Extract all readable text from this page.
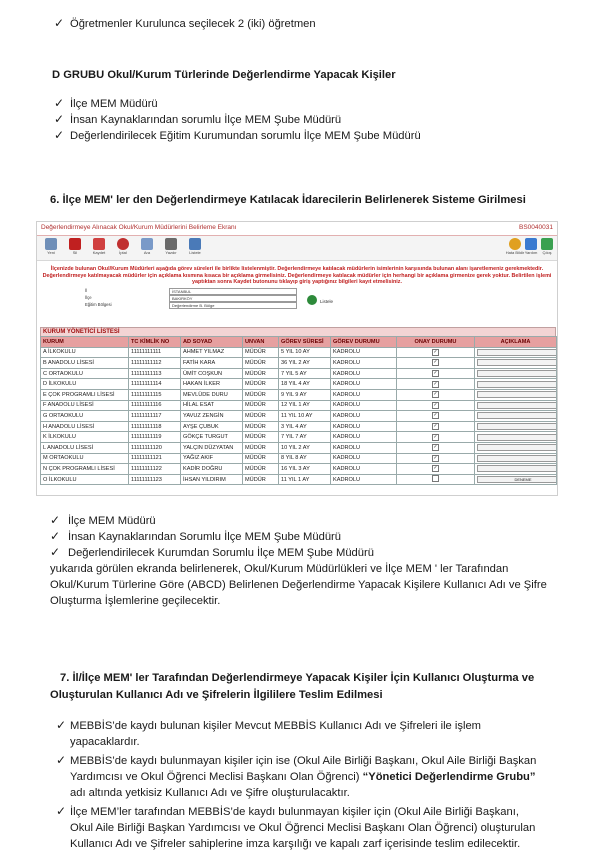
✓ Öğretmenler Kurulunca seçilecek 2 (iki) öğretmen
D GRUBU Okul/Kurum Türlerinde Değerlendirme Yapacak Kişiler
✓ İlçe MEM Müdürü
✓ İnsan Kaynaklarından sorumlu İlçe MEM Şube Müdürü
✓ Değerlendirilecek Eğitim Kurumundan sorumlu İlçe MEM Şube Müdürü
6. İlçe MEM' ler den Değerlendirmeye Katılacak İdarecilerin Belirlenerek Sisteme Girilmesi
Değerlendirmeye Alınacak Okul/Kurum Müdürlerini Belirleme Ekranı	BS0040031
Yeni	Sil	Kaydet	İptal	Ara	Yazdır	Listele	Hata Bildir Yardım	Çıkış
İlçenizde bulunan Okul/Kurum Müdürleri aşağıda görev süreleri ile birlikte listelenmiştir. Değerlendirmeye katılacak müdürlerin isimlerinin karşısında bulunan alanı işaretlemeniz gerekmektedir. Değerlendirmeye katılmayacak müdürler için açıklama kısmına kısaca bir açıklama girmelisiniz. Değerlendirmeye katılacak müdürler için herhangi bir açıklama girmenize gerek yoktur. Belirtilen işlemi yaptıktan sonra Kaydet butonunu tıklayıp giriş yaptığınız bilgileri kayıt etmelisiniz.
İl	İSTANBUL
İlçe	BAKIRKÖY
Eğitim Bölgesi	Değerlendirme B. Bölge
Listele
KURUM YÖNETİCİ LİSTESİ
KURUM	TC KİMLİK NO	AD SOYAD	UNVAN	GÖREV SÜRESİ	GÖREV DURUMU	ONAY DURUMU	AÇIKLAMA
A İLKOKULU	11111111111	AHMET YILMAZ	MÜDÜR	5 YIL 10 AY	KADROLU	✓	
B ANADOLU LİSESİ	11111111112	FATİH KARA	MÜDÜR	36 YIL 2 AY	KADROLU	✓	
C ORTAOKULU	11111111113	ÜMİT COŞKUN	MÜDÜR	7 YIL 5 AY	KADROLU	✓	
D İLKOKULU	11111111114	HAKAN İLKER	MÜDÜR	18 YIL 4 AY	KADROLU	✓	
E ÇOK PROGRAMLI LİSESİ	11111111115	MEVLÜDE DURU	MÜDÜR	9 YIL 9 AY	KADROLU	✓	
F ANADOLU LİSESİ	11111111116	HİLAL ESAT	MÜDÜR	12 YIL 1 AY	KADROLU	✓	
G ORTAOKULU	11111111117	YAVUZ ZENGİN	MÜDÜR	11 YIL 10 AY	KADROLU	✓	
H ANADOLU LİSESİ	11111111118	AYŞE ÇUBUK	MÜDÜR	3 YIL 4 AY	KADROLU	✓	
K İLKOKULU	11111111119	GÖKÇE TURGUT	MÜDÜR	7 YIL 7 AY	KADROLU	✓	
L ANADOLU LİSESİ	11111111120	YALÇIN DÜZYATAN	MÜDÜR	10 YIL 2 AY	KADROLU	✓	
M ORTAOKULU	11111111121	YAĞIZ AKIF	MÜDÜR	8 YIL 8 AY	KADROLU	✓	
N ÇOK PROGRAMLI LİSESİ	11111111122	KADİR DOĞRU	MÜDÜR	16 YIL 3 AY	KADROLU	✓	
O İLKOKULU	11111111123	İHSAN YILDIRIM	MÜDÜR	11 YIL 1 AY	KADROLU		DENEME
✓ İlçe MEM Müdürü
✓ İnsan Kaynaklarından Sorumlu İlçe MEM Şube Müdürü
✓ Değerlendirilecek Kurumdan Sorumlu İlçe MEM Şube Müdürü
yukarıda görülen ekranda belirlenerek, Okul/Kurum Müdürlükleri ve İlçe MEM ' ler Tarafından
Okul/Kurum Türlerine Göre (ABCD) Belirlenen Değerlendirme Yapacak Kişilere Kullanıcı Adı ve Şifre
Oluşturma İşlemlerine geçilecektir.
7. İl/İlçe MEM' ler Tarafından Değerlendirmeye Yapacak Kişiler İçin Kullanıcı Oluşturma ve
Oluşturulan Kullanıcı Adı ve Şifrelerin İlgililere Teslim Edilmesi
✓ MEBBİS’de kaydı bulunan kişiler Mevcut MEBBİS Kullanıcı Adı ve Şifreleri ile işlem
yapacaklardır.
✓ MEBBİS’de kaydı bulunmayan kişiler için ise (Okul Aile Birliği Başkanı, Okul Aile Birliği Başkan
Yardımcısı ve Okul Öğrenci Meclisi Başkanı Olan Öğrenci) “Yönetici Değerlendirme Grubu”
adı altında yetkisiz Kullanıcı Adı ve Şifre oluşturulacaktır.
✓ İlçe MEM’ler tarafından MEBBİS’de kaydı bulunmayan kişiler için (Okul Aile Birliği Başkanı,
Okul Aile Birliği Başkan Yardımcısı ve Okul Öğrenci Meclisi Başkanı Olan Öğrenci) oluşturulan
Kullanıcı Adı ve Şifreler sahiplerine imza karşılığı ve kapalı zarf içerisinde teslim edilecektir.
